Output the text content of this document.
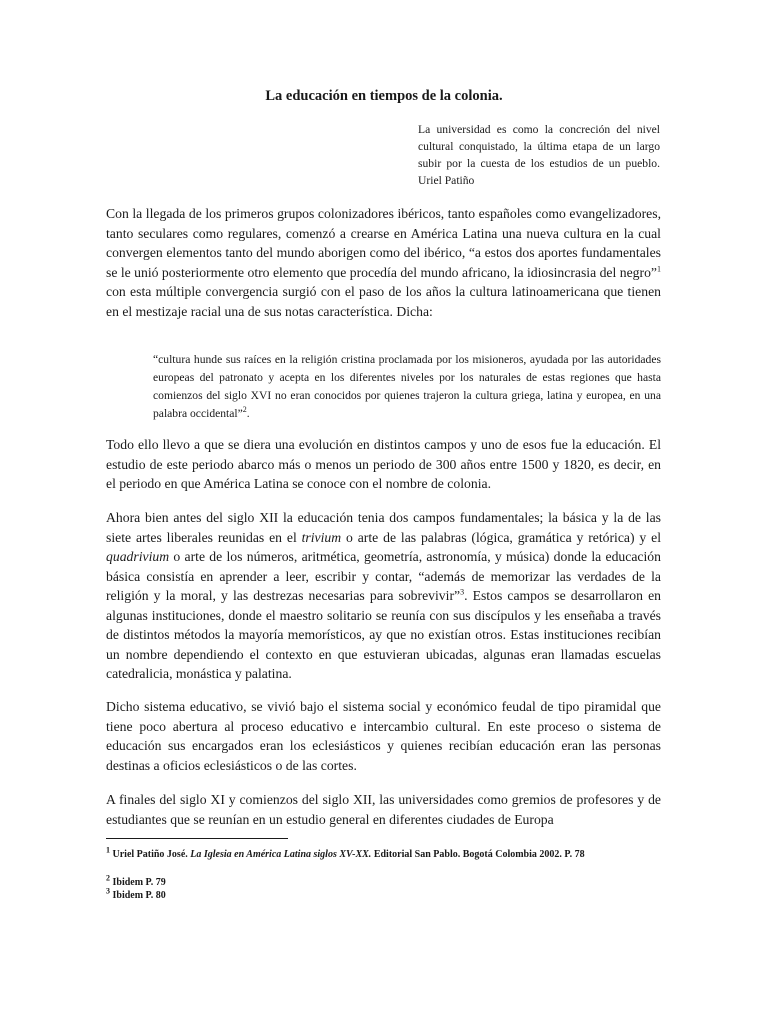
La educación en tiempos de la colonia.
La universidad es como la concreción del nivel cultural conquistado, la última etapa de un largo subir por la cuesta de los estudios de un pueblo. Uriel Patiño

Con la llegada de los primeros grupos colonizadores ibéricos, tanto españoles como evangelizadores, tanto seculares como regulares, comenzó a crearse en América Latina una nueva cultura en la cual convergen elementos tanto del mundo aborigen como del ibérico, “a estos dos aportes fundamentales se le unió posteriormente otro elemento que procedía del mundo africano, la idiosincrasia del negro”$^1$ con esta múltiple convergencia surgió con el paso de los años la cultura latinoamericana que tienen en el mestizaje racial una de sus notas característica. Dicha:

“cultura hunde sus raíces en la religión cristina proclamada por los misioneros, ayudada por las autoridades europeas del patronato y acepta en los diferentes niveles por los naturales de estas regiones que hasta comienzos del siglo XVI no eran conocidos por quienes trajeron la cultura griega, latina y europea, en una palabra occidental”$^2$.

Todo ello llevo a que se diera una evolución en distintos campos y uno de esos fue la educación. El estudio de este periodo abarco más o menos un periodo de 300 años entre 1500 y 1820, es decir, en el periodo en que América Latina se conoce con el nombre de colonia.

Ahora bien antes del siglo XII la educación tenia dos campos fundamentales; la básica y la de las siete artes liberales reunidas en el trivium o arte de las palabras (lógica, gramática y retórica) y el quadrivium o arte de los números, aritmética, geometría, astronomía, y música) donde la educación básica consistía en aprender a leer, escribir y contar, “además de memorizar las verdades de la religión y la moral, y las destrezas necesarias para sobrevivir”$^3$. Estos campos se desarrollaron en algunas instituciones, donde el maestro solitario se reunía con sus discípulos y les enseñaba a través de distintos métodos la mayoría memorísticos, ay que no existían otros. Estas instituciones recibían un nombre dependiendo el contexto en que estuvieran ubicadas, algunas eran llamadas escuelas catedralicia, monástica y palatina.

Dicho sistema educativo, se vivió bajo el sistema social y económico feudal de tipo piramidal que tiene poco abertura al proceso educativo e intercambio cultural. En este proceso o sistema de educación sus encargados eran los eclesiásticos y quienes recibían educación eran las personas destinas a oficios eclesiásticos o de las cortes.

A finales del siglo XI y comienzos del siglo XII, las universidades como gremios de profesores y de estudiantes que se reunían en un estudio general en diferentes ciudades de Europa

$^1$ Uriel Patiño José. La Iglesia en América Latina siglos XV-XX. Editorial San Pablo. Bogotá Colombia 2002. P. 78
$^2$ Ibidem P. 79
$^3$ Ibidem P. 80
